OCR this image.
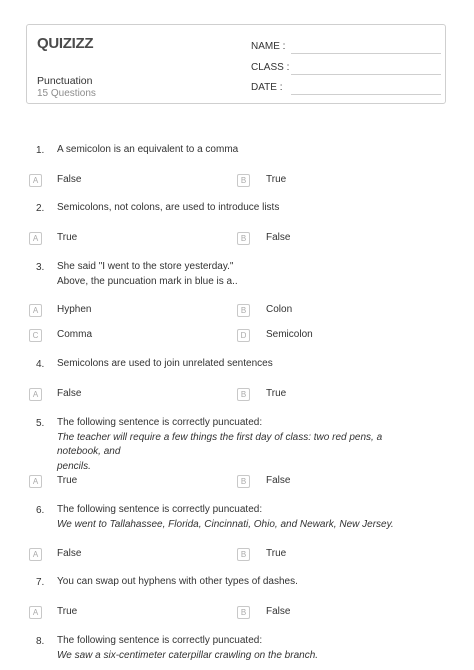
QUIZIZZ
Punctuation
15 Questions
NAME :
CLASS :
DATE :
1. A semicolon is an equivalent to a comma
A	False	B	True
2. Semicolons, not colons, are used to introduce lists
A	True	B	False
3. She said "I went to the store yesterday."
Above, the puncuation mark in blue is a..
A	Hyphen	B	Colon
C	Comma	D	Semicolon
4. Semicolons are used to join unrelated sentences
A	False	B	True
5. The following sentence is correctly puncuated:
The teacher will require a few things the first day of class: two red pens, a notebook, and
pencils.
A	True	B	False
6. The following sentence is correctly puncuated:
We went to Tallahassee, Florida, Cincinnati, Ohio, and Newark, New Jersey.
A	False	B	True
7. You can swap out hyphens with other types of dashes.
A	True	B	False
8. The following sentence is correctly puncuated:
We saw a six-centimeter caterpillar crawling on the branch.
